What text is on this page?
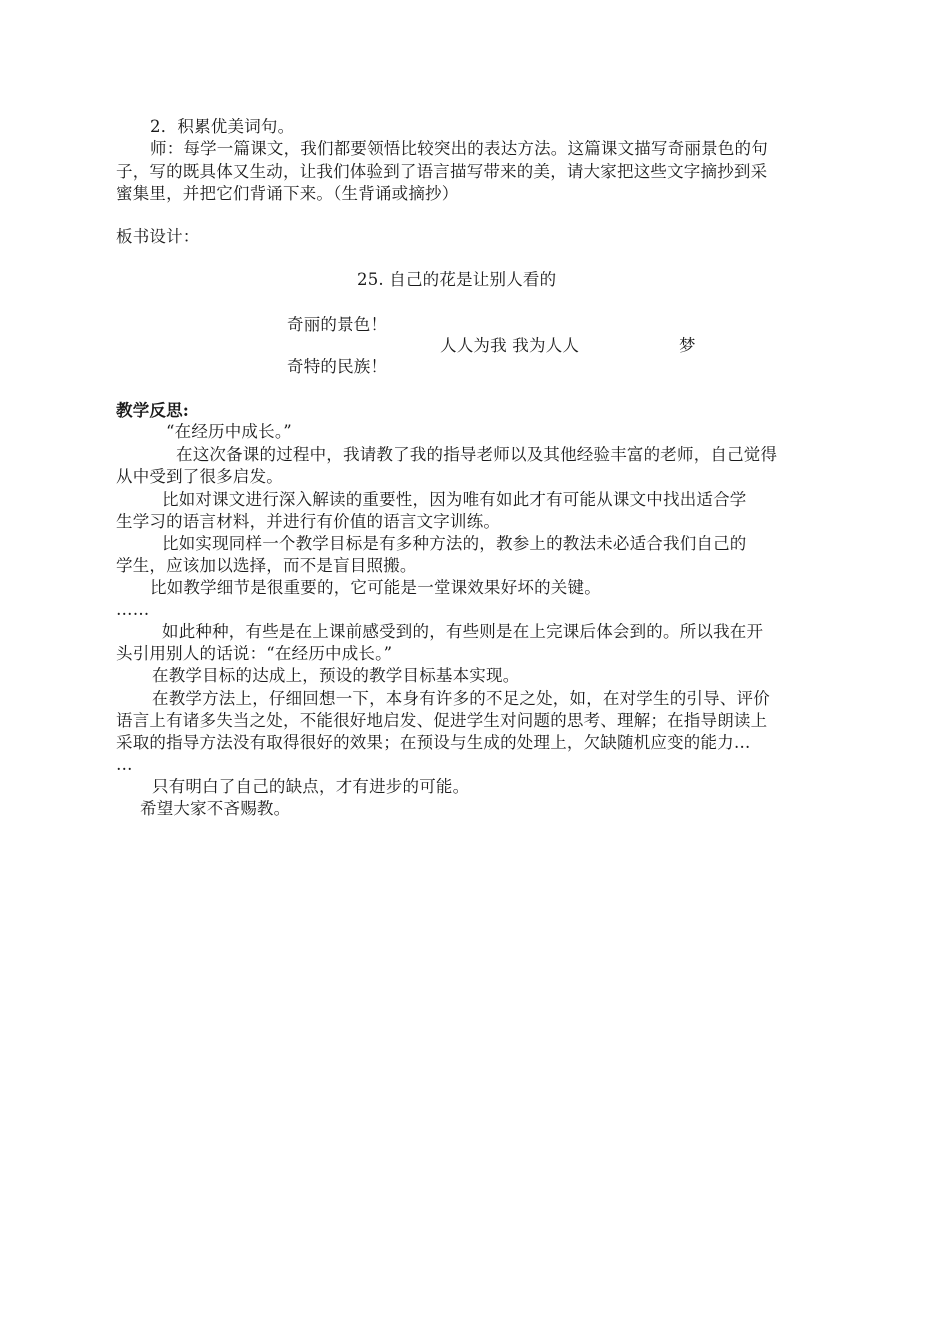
2．积累优美词句。
师：每学一篇课文，我们都要领悟比较突出的表达方法。这篇课文描写奇丽景色的句
子，写的既具体又生动，让我们体验到了语言描写带来的美，请大家把这些文字摘抄到采
蜜集里，并把它们背诵下来。（生背诵或摘抄）
板书设计：
25. 自己的花是让别人看的
奇丽的景色！
人人为我 我为人人	梦
奇特的民族！
教学反思:
“在经历中成长。”
在这次备课的过程中，我请教了我的指导老师以及其他经验丰富的老师，自己觉得
从中受到了很多启发。
比如对课文进行深入解读的重要性，因为唯有如此才有可能从课文中找出适合学
生学习的语言材料，并进行有价值的语言文字训练。
比如实现同样一个教学目标是有多种方法的，教参上的教法未必适合我们自己的
学生，应该加以选择，而不是盲目照搬。
比如教学细节是很重要的，它可能是一堂课效果好坏的关键。
……
如此种种，有些是在上课前感受到的，有些则是在上完课后体会到的。所以我在开
头引用别人的话说：“在经历中成长。”
在教学目标的达成上，预设的教学目标基本实现。
在教学方法上，仔细回想一下，本身有许多的不足之处，如，在对学生的引导、评价
语言上有诸多失当之处，不能很好地启发、促进学生对问题的思考、理解；在指导朗读上
采取的指导方法没有取得很好的效果；在预设与生成的处理上，欠缺随机应变的能力…
…
只有明白了自己的缺点，才有进步的可能。
希望大家不吝赐教。
